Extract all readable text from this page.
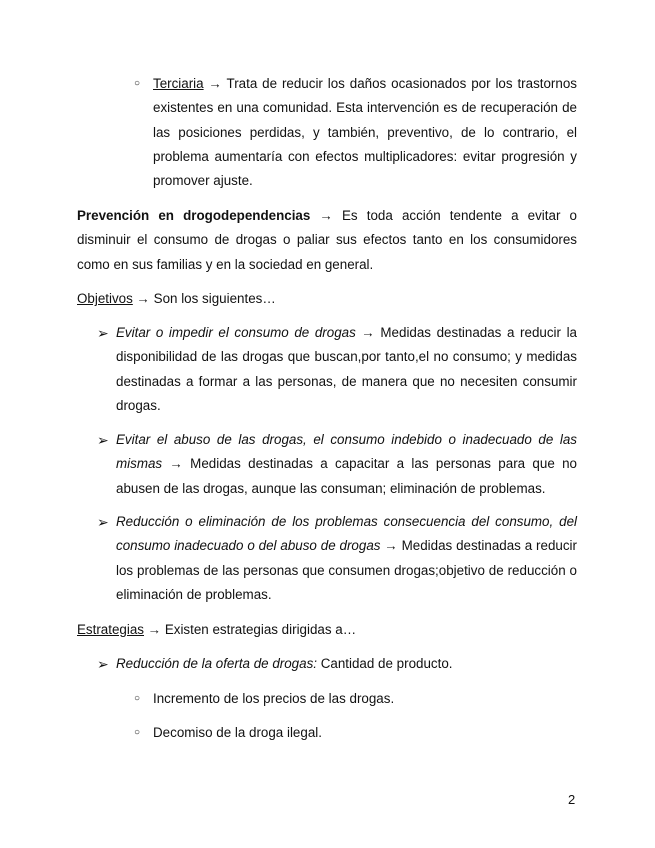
○ Terciaria → Trata de reducir los daños ocasionados por los trastornos existentes en una comunidad. Esta intervención es de recuperación de las posiciones perdidas, y también, preventivo, de lo contrario, el problema aumentaría con efectos multiplicadores: evitar progresión y promover ajuste.

Prevención en drogodependencias → Es toda acción tendente a evitar o disminuir el consumo de drogas o paliar sus efectos tanto en los consumidores como en sus familias y en la sociedad en general.

Objetivos → Son los siguientes…

➢ Evitar o impedir el consumo de drogas → Medidas destinadas a reducir la disponibilidad de las drogas que buscan,por tanto,el no consumo; y medidas destinadas a formar a las personas, de manera que no necesiten consumir drogas.

➢ Evitar el abuso de las drogas, el consumo indebido o inadecuado de las mismas → Medidas destinadas a capacitar a las personas para que no abusen de las drogas, aunque las consuman; eliminación de problemas.

➢ Reducción o eliminación de los problemas consecuencia del consumo, del consumo inadecuado o del abuso de drogas → Medidas destinadas a reducir los problemas de las personas que consumen drogas;objetivo de reducción o eliminación de problemas.

Estrategias → Existen estrategias dirigidas a…

➢ Reducción de la oferta de drogas: Cantidad de producto.

○ Incremento de los precios de las drogas.

○ Decomiso de la droga ilegal.

2
